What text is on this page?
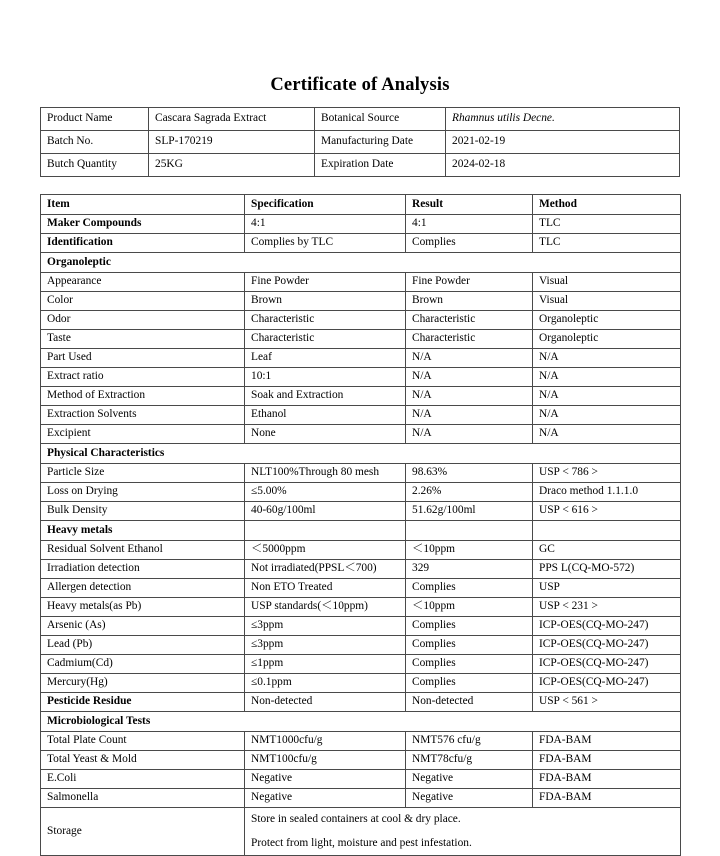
Certificate of Analysis
Product Name	Cascara Sagrada Extract	Botanical Source	Rhamnus utilis Decne.
Batch No.	SLP-170219	Manufacturing Date	2021-02-19
Butch Quantity	25KG	Expiration Date	2024-02-18
Item	Specification	Result	Method
Maker Compounds	4:1	4:1	TLC
Identification	Complies by TLC	Complies	TLC
Organoleptic			
Appearance	Fine Powder	Fine Powder	Visual
Color	Brown	Brown	Visual
Odor	Characteristic	Characteristic	Organoleptic
Taste	Characteristic	Characteristic	Organoleptic
Part Used	Leaf	N/A	N/A
Extract ratio	10:1	N/A	N/A
Method of Extraction	Soak and Extraction	N/A	N/A
Extraction Solvents	Ethanol	N/A	N/A
Excipient	None	N/A	N/A
Physical Characteristics			
Particle Size	NLT100%Through 80 mesh	98.63%	USP < 786 >
Loss on Drying	≤5.00%	2.26%	Draco method 1.1.1.0
Bulk Density	40-60g/100ml	51.62g/100ml	USP < 616 >
Heavy metals			
Residual Solvent Ethanol	＜5000ppm	＜10ppm	GC
Irradiation detection	Not irradiated(PPSL＜700)	329	PPS L(CQ-MO-572)
Allergen detection	Non ETO Treated	Complies	USP
Heavy metals(as Pb)	USP standards(＜10ppm)	＜10ppm	USP < 231 >
Arsenic (As)	≤3ppm	Complies	ICP-OES(CQ-MO-247)
Lead (Pb)	≤3ppm	Complies	ICP-OES(CQ-MO-247)
Cadmium(Cd)	≤1ppm	Complies	ICP-OES(CQ-MO-247)
Mercury(Hg)	≤0.1ppm	Complies	ICP-OES(CQ-MO-247)
Pesticide Residue	Non-detected	Non-detected	USP < 561 >
Microbiological Tests			
Total Plate Count	NMT1000cfu/g	NMT576 cfu/g	FDA-BAM
Total Yeast & Mold	NMT100cfu/g	NMT78cfu/g	FDA-BAM
E.Coli	Negative	Negative	FDA-BAM
Salmonella	Negative	Negative	FDA-BAM
Storage	Store in sealed containers at cool & dry place.
Protect from light, moisture and pest infestation.		
